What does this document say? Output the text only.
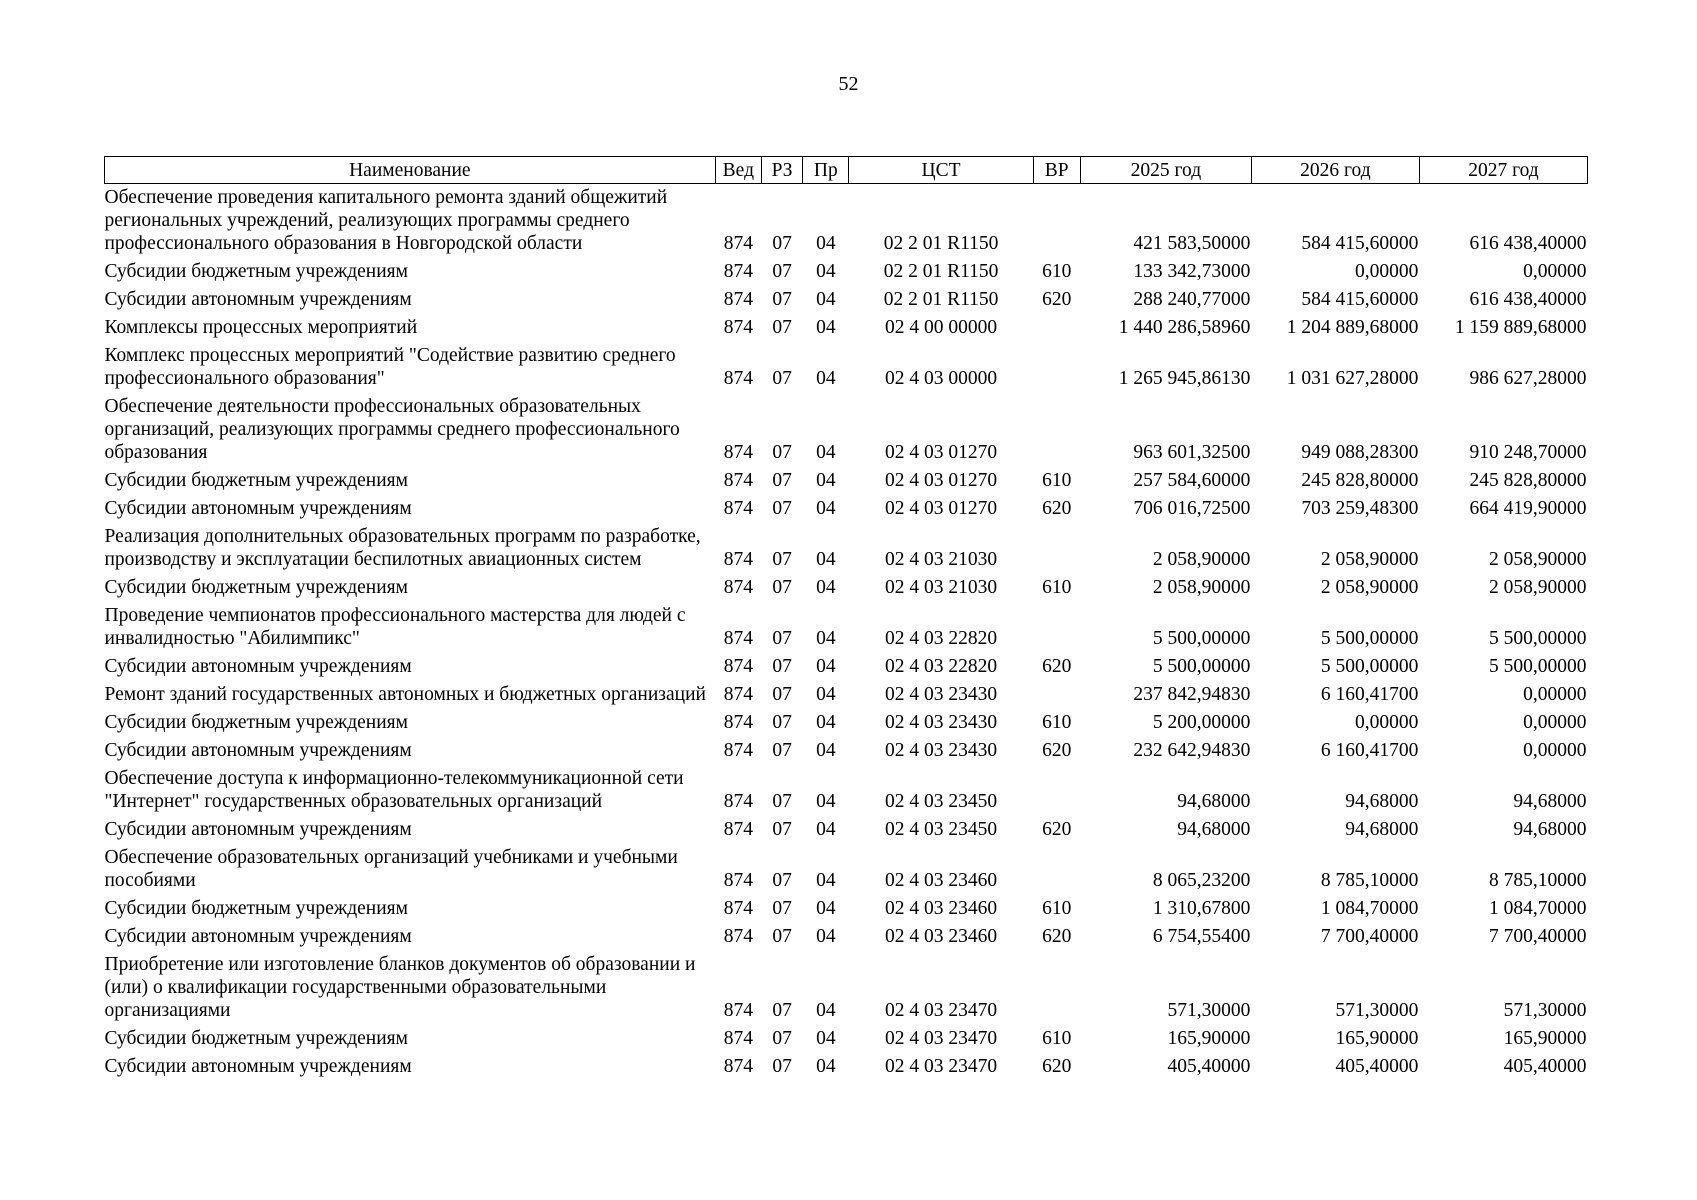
52
Наименование	Вед	РЗ	Пр	ЦСТ	ВР	2025 год	2026 год	2027 год
Обеспечение проведения капитального ремонта зданий общежитий региональных учреждений, реализующих программы среднего профессионального образования в Новгородской области	874	07	04	02 2 01 R1150		421 583,50000	584 415,60000	616 438,40000
Субсидии бюджетным учреждениям	874	07	04	02 2 01 R1150	610	133 342,73000	0,00000	0,00000
Субсидии автономным учреждениям	874	07	04	02 2 01 R1150	620	288 240,77000	584 415,60000	616 438,40000
Комплексы процессных мероприятий	874	07	04	02 4 00 00000		1 440 286,58960	1 204 889,68000	1 159 889,68000
Комплекс процессных мероприятий "Содействие развитию среднего профессионального образования"	874	07	04	02 4 03 00000		1 265 945,86130	1 031 627,28000	986 627,28000
Обеспечение деятельности профессиональных образовательных организаций, реализующих программы среднего профессионального образования	874	07	04	02 4 03 01270		963 601,32500	949 088,28300	910 248,70000
Субсидии бюджетным учреждениям	874	07	04	02 4 03 01270	610	257 584,60000	245 828,80000	245 828,80000
Субсидии автономным учреждениям	874	07	04	02 4 03 01270	620	706 016,72500	703 259,48300	664 419,90000
Реализация дополнительных образовательных программ по разработке, производству и эксплуатации беспилотных авиационных систем	874	07	04	02 4 03 21030		2 058,90000	2 058,90000	2 058,90000
Субсидии бюджетным учреждениям	874	07	04	02 4 03 21030	610	2 058,90000	2 058,90000	2 058,90000
Проведение чемпионатов профессионального мастерства для людей с инвалидностью "Абилимпикс"	874	07	04	02 4 03 22820		5 500,00000	5 500,00000	5 500,00000
Субсидии автономным учреждениям	874	07	04	02 4 03 22820	620	5 500,00000	5 500,00000	5 500,00000
Ремонт зданий государственных автономных и бюджетных организаций	874	07	04	02 4 03 23430		237 842,94830	6 160,41700	0,00000
Субсидии бюджетным учреждениям	874	07	04	02 4 03 23430	610	5 200,00000	0,00000	0,00000
Субсидии автономным учреждениям	874	07	04	02 4 03 23430	620	232 642,94830	6 160,41700	0,00000
Обеспечение доступа к информационно-телекоммуникационной сети "Интернет" государственных образовательных организаций	874	07	04	02 4 03 23450		94,68000	94,68000	94,68000
Субсидии автономным учреждениям	874	07	04	02 4 03 23450	620	94,68000	94,68000	94,68000
Обеспечение образовательных организаций учебниками и учебными пособиями	874	07	04	02 4 03 23460		8 065,23200	8 785,10000	8 785,10000
Субсидии бюджетным учреждениям	874	07	04	02 4 03 23460	610	1 310,67800	1 084,70000	1 084,70000
Субсидии автономным учреждениям	874	07	04	02 4 03 23460	620	6 754,55400	7 700,40000	7 700,40000
Приобретение или изготовление бланков документов об образовании и (или) о квалификации государственными образовательными организациями	874	07	04	02 4 03 23470		571,30000	571,30000	571,30000
Субсидии бюджетным учреждениям	874	07	04	02 4 03 23470	610	165,90000	165,90000	165,90000
Субсидии автономным учреждениям	874	07	04	02 4 03 23470	620	405,40000	405,40000	405,40000
